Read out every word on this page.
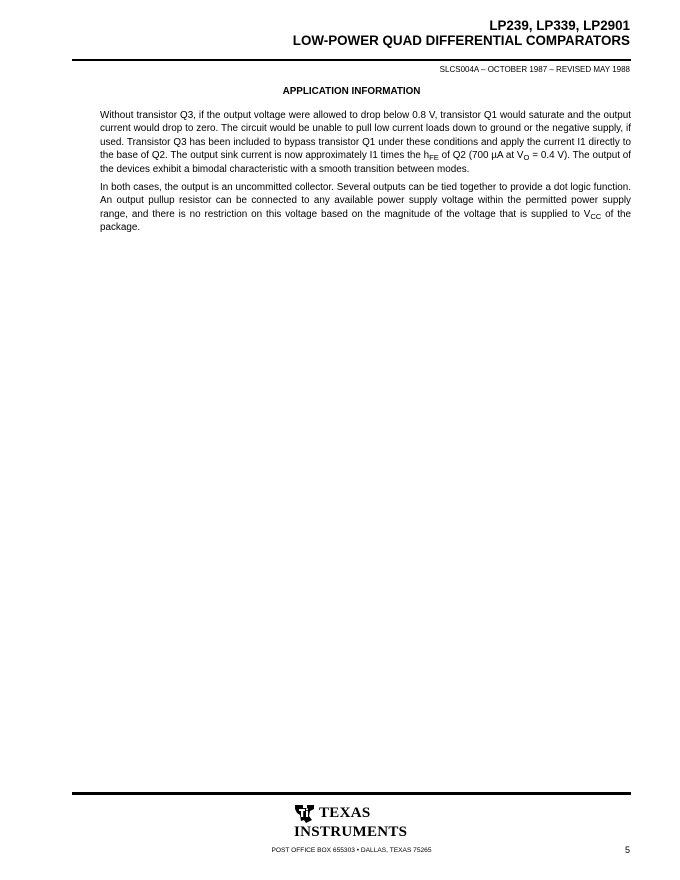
LP239, LP339, LP2901
LOW-POWER QUAD DIFFERENTIAL COMPARATORS
SLCS004A – OCTOBER 1987 – REVISED MAY 1988
APPLICATION INFORMATION

Without transistor Q3, if the output voltage were allowed to drop below 0.8 V, transistor Q1 would saturate and the output current would drop to zero. The circuit would be unable to pull low current loads down to ground or the negative supply, if used. Transistor Q3 has been included to bypass transistor Q1 under these conditions and apply the current I1 directly to the base of Q2. The output sink current is now approximately I1 times the $h_{FE}$ of Q2 (700 µA at $V_O = 0.4$ V). The output of the devices exhibit a bimodal characteristic with a smooth transition between modes.

In both cases, the output is an uncommitted collector. Several outputs can be tied together to provide a dot logic function. An output pullup resistor can be connected to any available power supply voltage within the permitted power supply range, and there is no restriction on this voltage based on the magnitude of the voltage that is supplied to $V_{CC}$ of the package.

TEXAS
INSTRUMENTS
POST OFFICE BOX 655303 • DALLAS, TEXAS 75265	5
